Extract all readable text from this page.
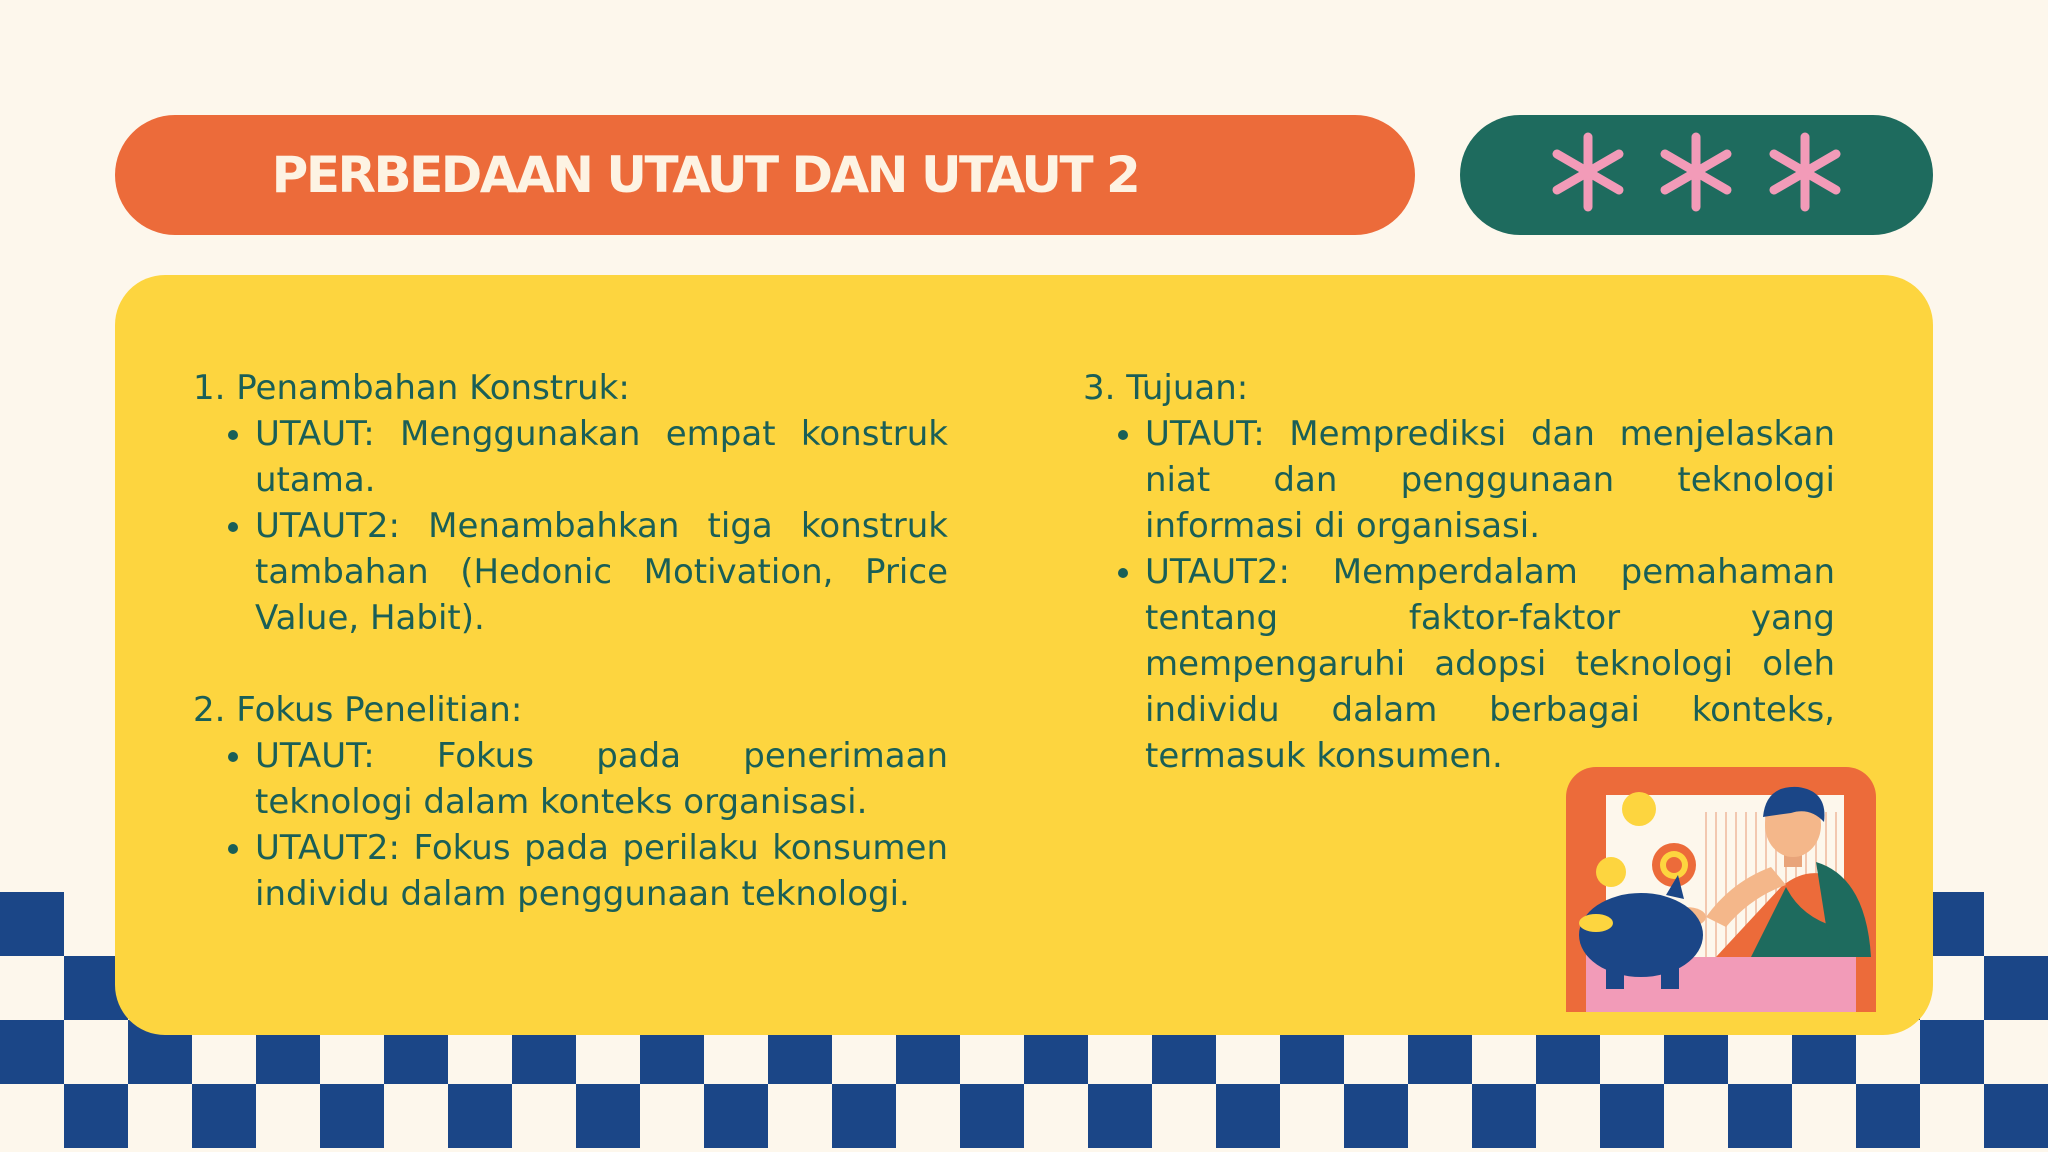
PERBEDAAN UTAUT DAN UTAUT 2
1. Penambahan Konstruk:
• UTAUT: Menggunakan empat konstruk utama.
• UTAUT2: Menambahkan tiga konstruk tambahan (Hedonic Motivation, Price Value, Habit).
2. Fokus Penelitian:
• UTAUT: Fokus pada penerimaan teknologi dalam konteks organisasi.
• UTAUT2: Fokus pada perilaku konsumen individu dalam penggunaan teknologi.
3. Tujuan:
• UTAUT: Memprediksi dan menjelaskan niat dan penggunaan teknologi informasi di organisasi.
• UTAUT2: Memperdalam pemahaman tentang faktor-faktor yang mempengaruhi adopsi teknologi oleh individu dalam berbagai konteks, termasuk konsumen.
